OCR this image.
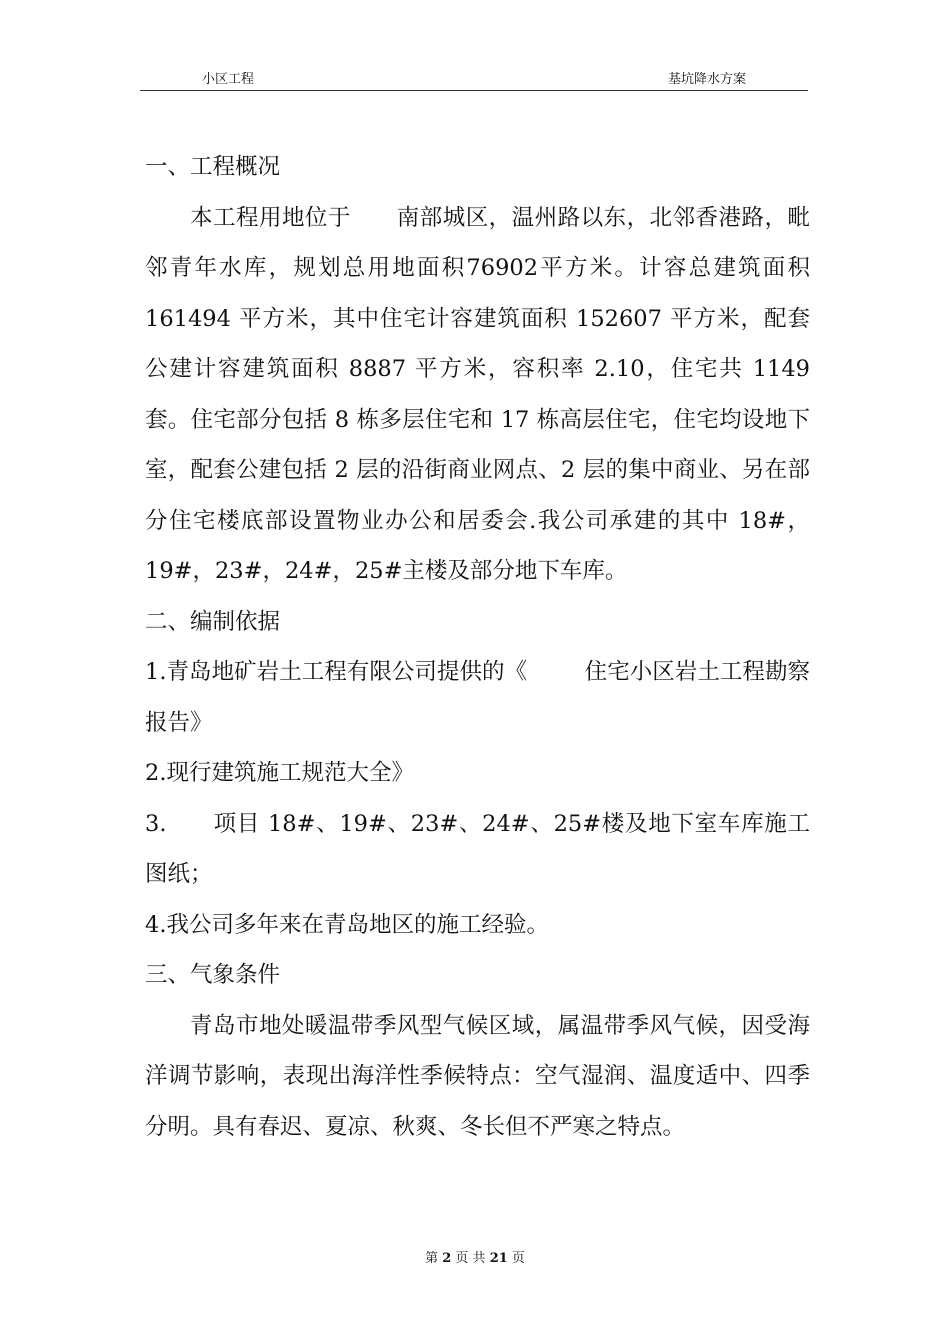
小区工程	基坑降水方案

一、工程概况

本工程用地位于      南部城区，温州路以东，北邻香港路，毗邻青年水库，规划总用地面积76902平方米。计容总建筑面积 161494 平方米，其中住宅计容建筑面积 152607 平方米，配套公建计容建筑面积 8887 平方米，容积率 2.10，住宅共 1149 套。住宅部分包括 8 栋多层住宅和 17 栋高层住宅，住宅均设地下室，配套公建包括 2 层的沿街商业网点、2 层的集中商业、另在部分住宅楼底部设置物业办公和居委会.我公司承建的其中 18#，19#，23#，24#，25#主楼及部分地下车库。

二、编制依据

1.青岛地矿岩土工程有限公司提供的《        住宅小区岩土工程勘察报告》

2.现行建筑施工规范大全》

3.      项目 18#、19#、23#、24#、25#楼及地下室车库施工图纸；

4.我公司多年来在青岛地区的施工经验。

三、气象条件

青岛市地处暖温带季风型气候区域，属温带季风气候，因受海洋调节影响，表现出海洋性季候特点：空气湿润、温度适中、四季分明。具有春迟、夏凉、秋爽、冬长但不严寒之特点。

第 2 页 共 21 页
